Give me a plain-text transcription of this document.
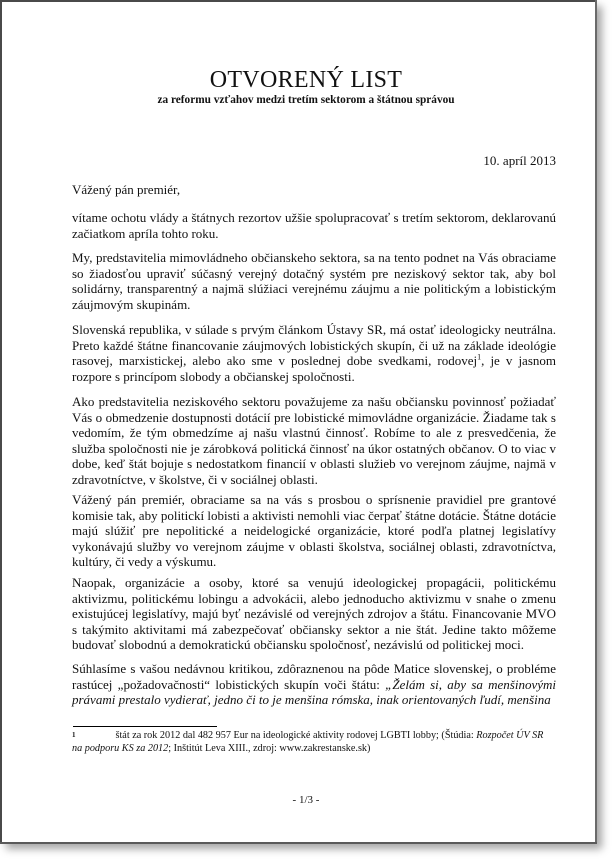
OTVORENÝ LIST
za reformu vzťahov medzi tretím sektorom a štátnou správou
10. apríl 2013
Vážený pán premiér,
vítame ochotu vlády a štátnych rezortov užšie spolupracovať s tretím sektorom, deklarovanú začiatkom apríla tohto roku.
My, predstavitelia mimovládneho občianskeho sektora, sa na tento podnet na Vás obraciame so žiadosťou upraviť súčasný verejný dotačný systém pre neziskový sektor tak, aby bol solidárny, transparentný a najmä slúžiaci verejnému záujmu a nie politickým a lobistickým záujmovým skupinám.
Slovenská republika, v súlade s prvým článkom Ústavy SR, má ostať ideologicky neutrálna. Preto každé štátne financovanie záujmových lobistických skupín, či už na základe ideológie rasovej, marxistickej, alebo ako sme v poslednej dobe svedkami, rodovej$^1$, je v jasnom rozpore s princípom slobody a občianskej spoločnosti.
Ako predstavitelia neziskového sektoru považujeme za našu občiansku povinnosť požiadať Vás o obmedzenie dostupnosti dotácií pre lobistické mimovládne organizácie. Žiadame tak s vedomím, že tým obmedzíme aj našu vlastnú činnosť. Robíme to ale z presvedčenia, že služba spoločnosti nie je zárobková politická činnosť na úkor ostatných občanov. O to viac v dobe, keď štát bojuje s nedostatkom financií v oblasti služieb vo verejnom záujme, najmä v zdravotníctve, v školstve, či v sociálnej oblasti.
Vážený pán premiér, obraciame sa na vás s prosbou o sprísnenie pravidiel pre grantové komisie tak, aby politickí lobisti a aktivisti nemohli viac čerpať štátne dotácie. Štátne dotácie majú slúžiť pre nepolitické a neidelogické organizácie, ktoré podľa platnej legislatívy vykonávajú služby vo verejnom záujme v oblasti školstva, sociálnej oblasti, zdravotníctva, kultúry, či vedy a výskumu.
Naopak, organizácie a osoby, ktoré sa venujú ideologickej propagácii, politickému aktivizmu, politickému lobingu a advokácii, alebo jednoducho aktivizmu v snahe o zmenu existujúcej legislatívy, majú byť nezávislé od verejných zdrojov a štátu. Financovanie MVO s takýmito aktivitami má zabezpečovať občiansky sektor a nie štát. Jedine takto môžeme budovať slobodnú a demokratickú občiansku spoločnosť, nezávislú od politickej moci.
Súhlasíme s vašou nedávnou kritikou, zdôraznenou na pôde Matice slovenskej, o probléme rastúcej „požadovačnosti“ lobistických skupín voči štátu: „Želám si, aby sa menšinovými právami prestalo vydierať, jedno či to je menšina rómska, inak orientovaných ľudí, menšina
$^1$	štát za rok 2012 dal 482 957 Eur na ideologické aktivity rodovej LGBTI lobby; (Štúdia: Rozpočet ÚV SR na podporu KS za 2012; Inštitút Leva XIII., zdroj: www.zakrestanske.sk)
- 1/3 -
